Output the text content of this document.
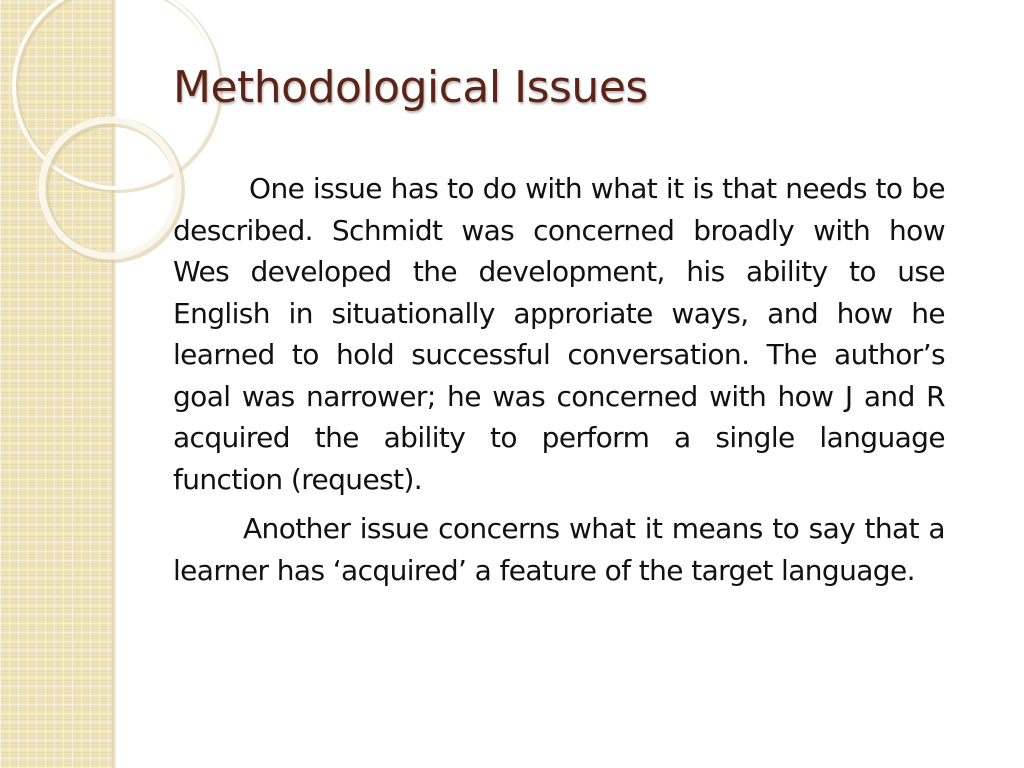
Methodological Issues

One issue has to do with what it is that needs to be described. Schmidt was concerned broadly with how Wes developed the development, his ability to use English in situationally approriate ways, and how he learned to hold successful conversation. The author’s goal was narrower; he was concerned with how J and R acquired the ability to perform a single language function (request).

Another issue concerns what it means to say that a learner has ‘acquired’ a feature of the target language.
